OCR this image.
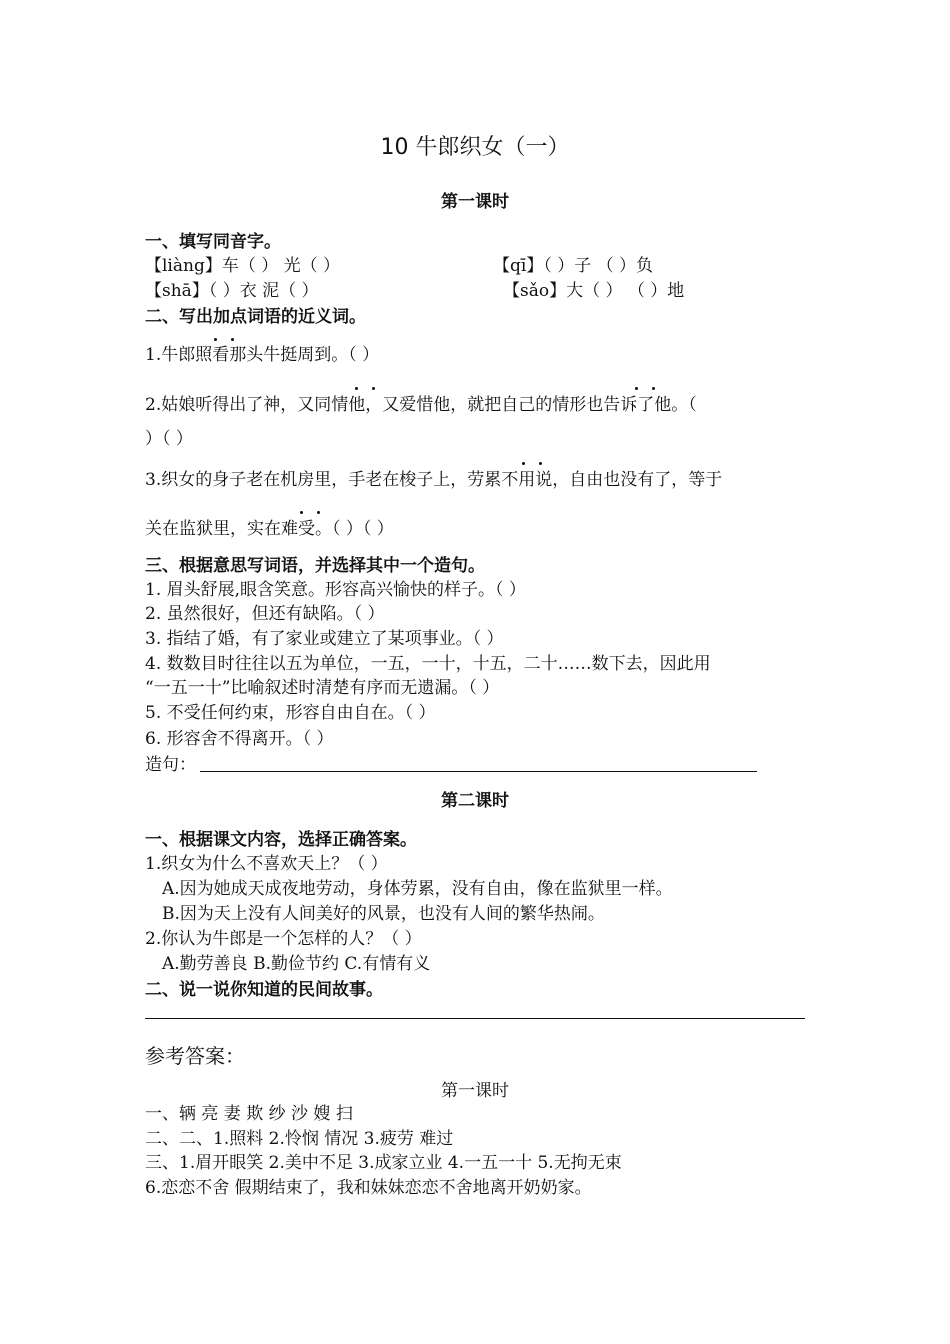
10 牛郎织女（一）
第一课时
一、填写同音字。
【liàng】车（ ） 光（ ）	【qī】（ ）子 （ ）负
【shā】（ ）衣 泥（ ）	【sǎo】大（ ） （ ）地
二、写出加点词语的近义词。
1.牛郎照看那头牛挺周到。（ ）
2.姑娘听得出了神，又同情他，又爱惜他，就把自己的情形也告诉了他。（
）（ ）
3.织女的身子老在机房里，手老在梭子上，劳累不用说，自由也没有了，等于
关在监狱里，实在难受。（ ）（ ）
三、根据意思写词语，并选择其中一个造句。
1. 眉头舒展,眼含笑意。形容高兴愉快的样子。（ ）
2. 虽然很好，但还有缺陷。（ ）
3. 指结了婚，有了家业或建立了某项事业。（ ）
4. 数数目时往往以五为单位，一五，一十，十五，二十……数下去，因此用
“一五一十”比喻叙述时清楚有序而无遗漏。（ ）
5. 不受任何约束，形容自由自在。（ ）
6. 形容舍不得离开。（ ）
造句：
第二课时
一、根据课文内容，选择正确答案。
1.织女为什么不喜欢天上？（ ）
A.因为她成天成夜地劳动，身体劳累，没有自由，像在监狱里一样。
B.因为天上没有人间美好的风景，也没有人间的繁华热闹。
2.你认为牛郎是一个怎样的人？（ ）
A.勤劳善良 B.勤俭节约 C.有情有义
二、说一说你知道的民间故事。
参考答案：
第一课时
一、辆 亮 妻 欺 纱 沙 嫂 扫
二、二、1.照料 2.怜悯 情况 3.疲劳 难过
三、1.眉开眼笑 2.美中不足 3.成家立业 4.一五一十 5.无拘无束
6.恋恋不舍 假期结束了，我和妹妹恋恋不舍地离开奶奶家。
